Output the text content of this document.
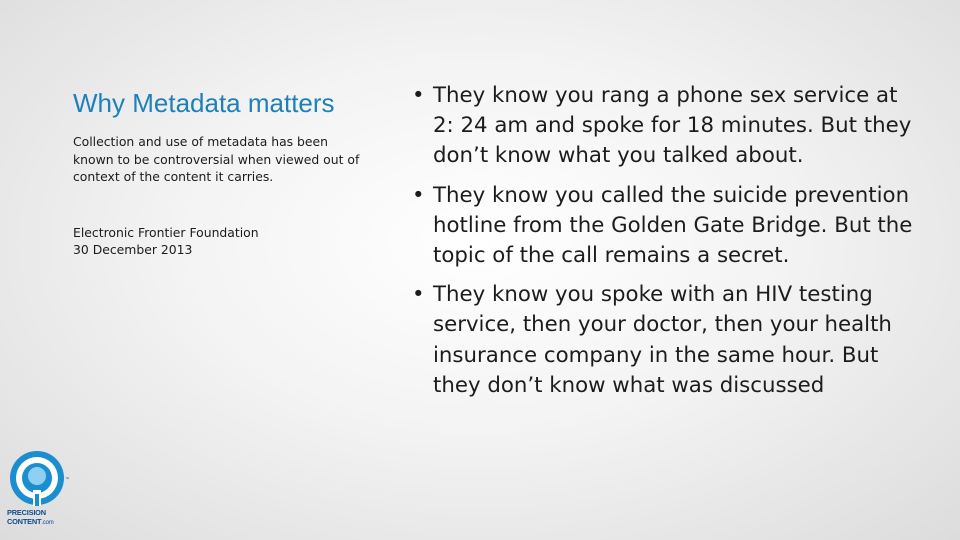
Why Metadata matters

Collection and use of metadata has been known to be controversial when viewed out of context of the content it carries.

Electronic Frontier Foundation
30 December 2013
• They know you rang a phone sex service at 2: 24 am and spoke for 18 minutes. But they don’t know what you talked about.
• They know you called the suicide prevention hotline from the Golden Gate Bridge. But the topic of the call remains a secret.
• They know you spoke with an HIV testing service, then your doctor, then your health insurance company in the same hour. But they don’t know what was discussed
™
PRECISION
CONTENT.com
